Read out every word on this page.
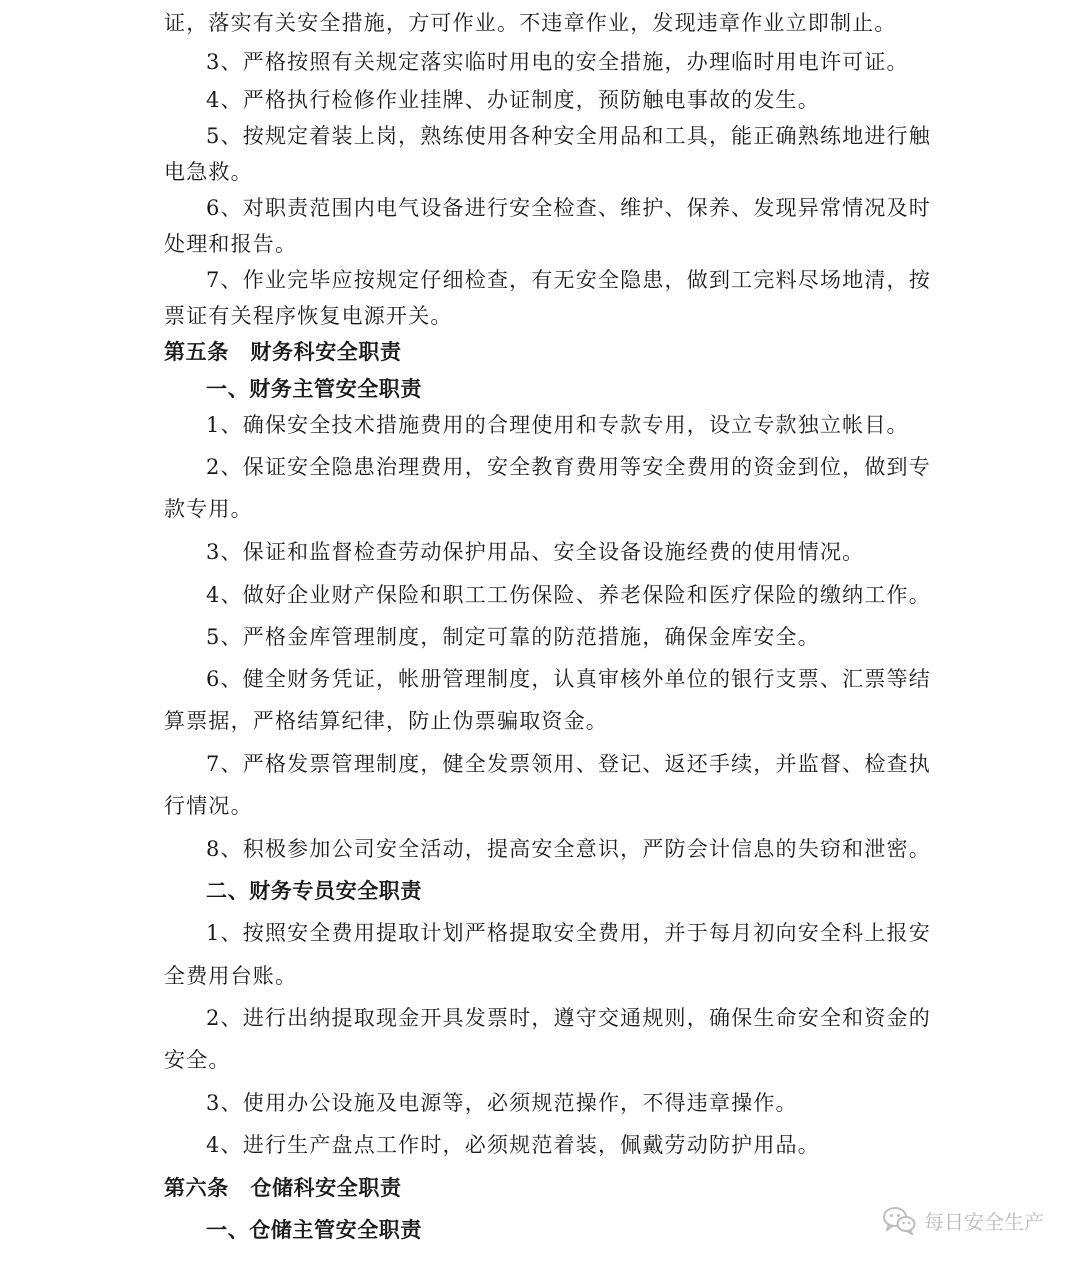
证，落实有关安全措施，方可作业。不违章作业，发现违章作业立即制止。
3、严格按照有关规定落实临时用电的安全措施，办理临时用电许可证。
4、严格执行检修作业挂牌、办证制度，预防触电事故的发生。
5、按规定着装上岗，熟练使用各种安全用品和工具，能正确熟练地进行触
电急救。
6、对职责范围内电气设备进行安全检查、维护、保养、发现异常情况及时
处理和报告。
7、作业完毕应按规定仔细检查，有无安全隐患，做到工完料尽场地清，按
票证有关程序恢复电源开关。
第五条　财务科安全职责
一、财务主管安全职责
1、确保安全技术措施费用的合理使用和专款专用，设立专款独立帐目。
2、保证安全隐患治理费用，安全教育费用等安全费用的资金到位，做到专
款专用。
3、保证和监督检查劳动保护用品、安全设备设施经费的使用情况。
4、做好企业财产保险和职工工伤保险、养老保险和医疗保险的缴纳工作。
5、严格金库管理制度，制定可靠的防范措施，确保金库安全。
6、健全财务凭证，帐册管理制度，认真审核外单位的银行支票、汇票等结
算票据，严格结算纪律，防止伪票骗取资金。
7、严格发票管理制度，健全发票领用、登记、返还手续，并监督、检查执
行情况。
8、积极参加公司安全活动，提高安全意识，严防会计信息的失窃和泄密。
二、财务专员安全职责
1、按照安全费用提取计划严格提取安全费用，并于每月初向安全科上报安
全费用台账。
2、进行出纳提取现金开具发票时，遵守交通规则，确保生命安全和资金的
安全。
3、使用办公设施及电源等，必须规范操作，不得违章操作。
4、进行生产盘点工作时，必须规范着装，佩戴劳动防护用品。
第六条　仓储科安全职责
一、仓储主管安全职责	每日安全生产
